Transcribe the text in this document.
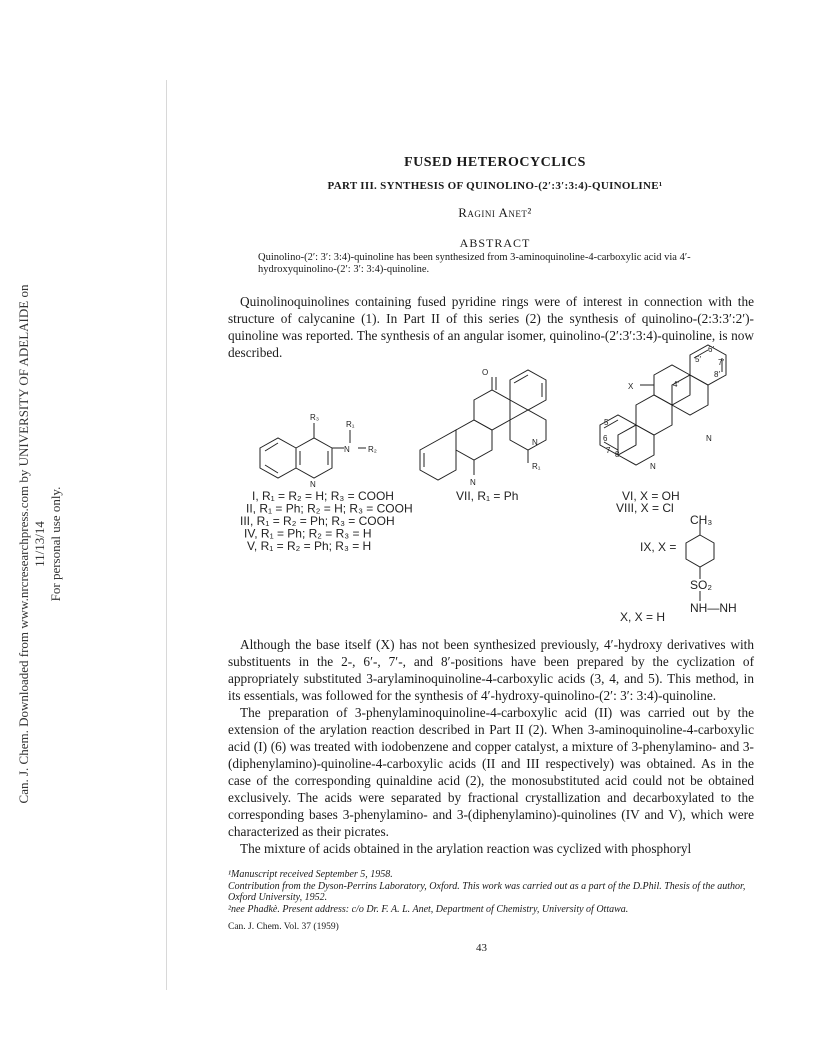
Can. J. Chem. Downloaded from www.nrcresearchpress.com by UNIVERSITY OF ADELAIDE on 11/13/14 For personal use only.
FUSED HETEROCYCLICS
PART III. SYNTHESIS OF QUINOLINO-(2′:3′:3:4)-QUINOLINE¹
Ragini Anet²
ABSTRACT
Quinolino-(2′: 3′: 3:4)-quinoline has been synthesized from 3-aminoquinoline-4-carboxylic acid via 4′-hydroxyquinolino-(2′: 3′: 3:4)-quinoline.

Quinolinoquinolines containing fused pyridine rings were of interest in connection with the structure of calycanine (1). In Part II of this series (2) the synthesis of quinolino-(2:3:3′:2′)-quinoline was reported. The synthesis of an angular isomer, quinolino-(2′:3′:3:4)-quinoline, is now described.

R₃
R₁
N R₂
N
O
N
R₁
N
X	4′
5′
6′
7′
8′
N
5
6
7 8
N
I, R₁ = R₂ = H; R₃ = COOH
II, R₁ = Ph; R₂ = H; R₃ = COOH
III, R₁ = R₂ = Ph; R₃ = COOH
IV, R₁ = Ph; R₂ = R₃ = H
V, R₁ = R₂ = Ph; R₃ = H
VII, R₁ = Ph	VI, X = OH
VIII, X = Cl
IX, X =
CH₃
SO₂
NH—NH
X, X = H

Although the base itself (X) has not been synthesized previously, 4′-hydroxy derivatives with substituents in the 2-, 6′-, 7′-, and 8′-positions have been prepared by the cyclization of appropriately substituted 3-arylaminoquinoline-4-carboxylic acids (3, 4, and 5). This method, in its essentials, was followed for the synthesis of 4′-hydroxy-quinolino-(2′: 3′: 3:4)-quinoline.

The preparation of 3-phenylaminoquinoline-4-carboxylic acid (II) was carried out by the extension of the arylation reaction described in Part II (2). When 3-aminoquinoline-4-carboxylic acid (I) (6) was treated with iodobenzene and copper catalyst, a mixture of 3-phenylamino- and 3-(diphenylamino)-quinoline-4-carboxylic acids (II and III respectively) was obtained. As in the case of the corresponding quinaldine acid (2), the monosubstituted acid could not be obtained exclusively. The acids were separated by fractional crystallization and decarboxylated to the corresponding bases 3-phenylamino- and 3-(diphenylamino)-quinolines (IV and V), which were characterized as their picrates.

The mixture of acids obtained in the arylation reaction was cyclized with phosphoryl

¹Manuscript received September 5, 1958.

Contribution from the Dyson-Perrins Laboratory, Oxford. This work was carried out as a part of the D.Phil. Thesis of the author, Oxford University, 1952.

²nee Phadkè. Present address: c/o Dr. F. A. L. Anet, Department of Chemistry, University of Ottawa.

Can. J. Chem. Vol. 37 (1959)
43
